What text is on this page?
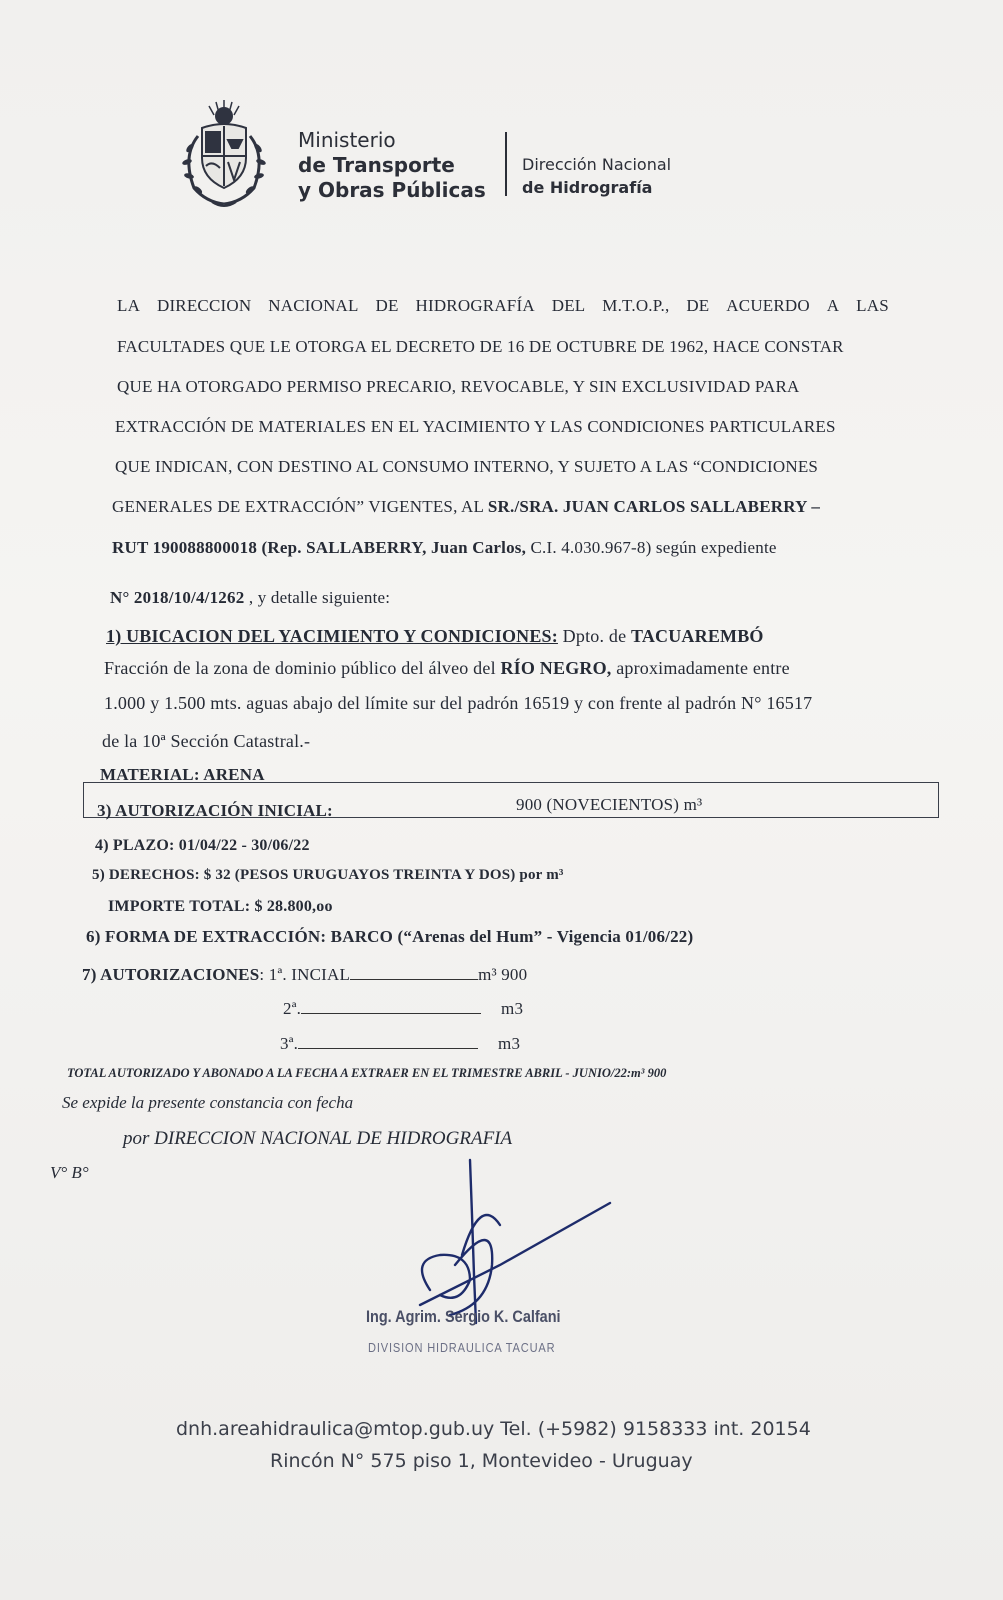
Ministerio
de Transporte
y Obras Públicas
Dirección Nacional
de Hidrografía
LA DIRECCION NACIONAL DE HIDROGRAFÍA DEL M.T.O.P., DE ACUERDO A LAS
FACULTADES QUE LE OTORGA EL DECRETO DE 16 DE OCTUBRE DE 1962, HACE CONSTAR
QUE HA OTORGADO PERMISO PRECARIO, REVOCABLE, Y SIN EXCLUSIVIDAD PARA
EXTRACCIÓN DE MATERIALES EN EL YACIMIENTO Y LAS CONDICIONES PARTICULARES
QUE INDICAN, CON DESTINO AL CONSUMO INTERNO, Y SUJETO A LAS “CONDICIONES
GENERALES DE EXTRACCIÓN” VIGENTES, AL SR./SRA. JUAN CARLOS SALLABERRY –
RUT 190088800018 (Rep. SALLABERRY, Juan Carlos, C.I. 4.030.967-8) según expediente
N° 2018/10/4/1262 , y detalle siguiente:
1) UBICACION DEL YACIMIENTO Y CONDICIONES: Dpto. de TACUAREMBÓ
Fracción de la zona de dominio público del álveo del RÍO NEGRO, aproximadamente entre
1.000 y 1.500 mts. aguas abajo del límite sur del padrón 16519 y con frente al padrón N° 16517
de la 10ª Sección Catastral.-
MATERIAL: ARENA
3) AUTORIZACIÓN INICIAL:	900 (NOVECIENTOS) m³
4) PLAZO: 01/04/22 - 30/06/22
5) DERECHOS: $ 32 (PESOS URUGUAYOS TREINTA Y DOS) por m³
IMPORTE TOTAL: $ 28.800,oo
6) FORMA DE EXTRACCIÓN: BARCO (“Arenas del Hum” - Vigencia 01/06/22)
7) AUTORIZACIONES: 1ª. INCIAL	m³ 900
2ª.	m3
3ª.	m3
TOTAL AUTORIZADO Y ABONADO A LA FECHA A EXTRAER EN EL TRIMESTRE ABRIL - JUNIO/22:m³ 900
Se expide la presente constancia con fecha
por DIRECCION NACIONAL DE HIDROGRAFIA
V° B°
Ing. Agrim. Sergio K. Calfani
DIVISION HIDRAULICA TACUAR
dnh.areahidraulica@mtop.gub.uy Tel. (+5982) 9158333 int. 20154
Rincón N° 575 piso 1, Montevideo - Uruguay
